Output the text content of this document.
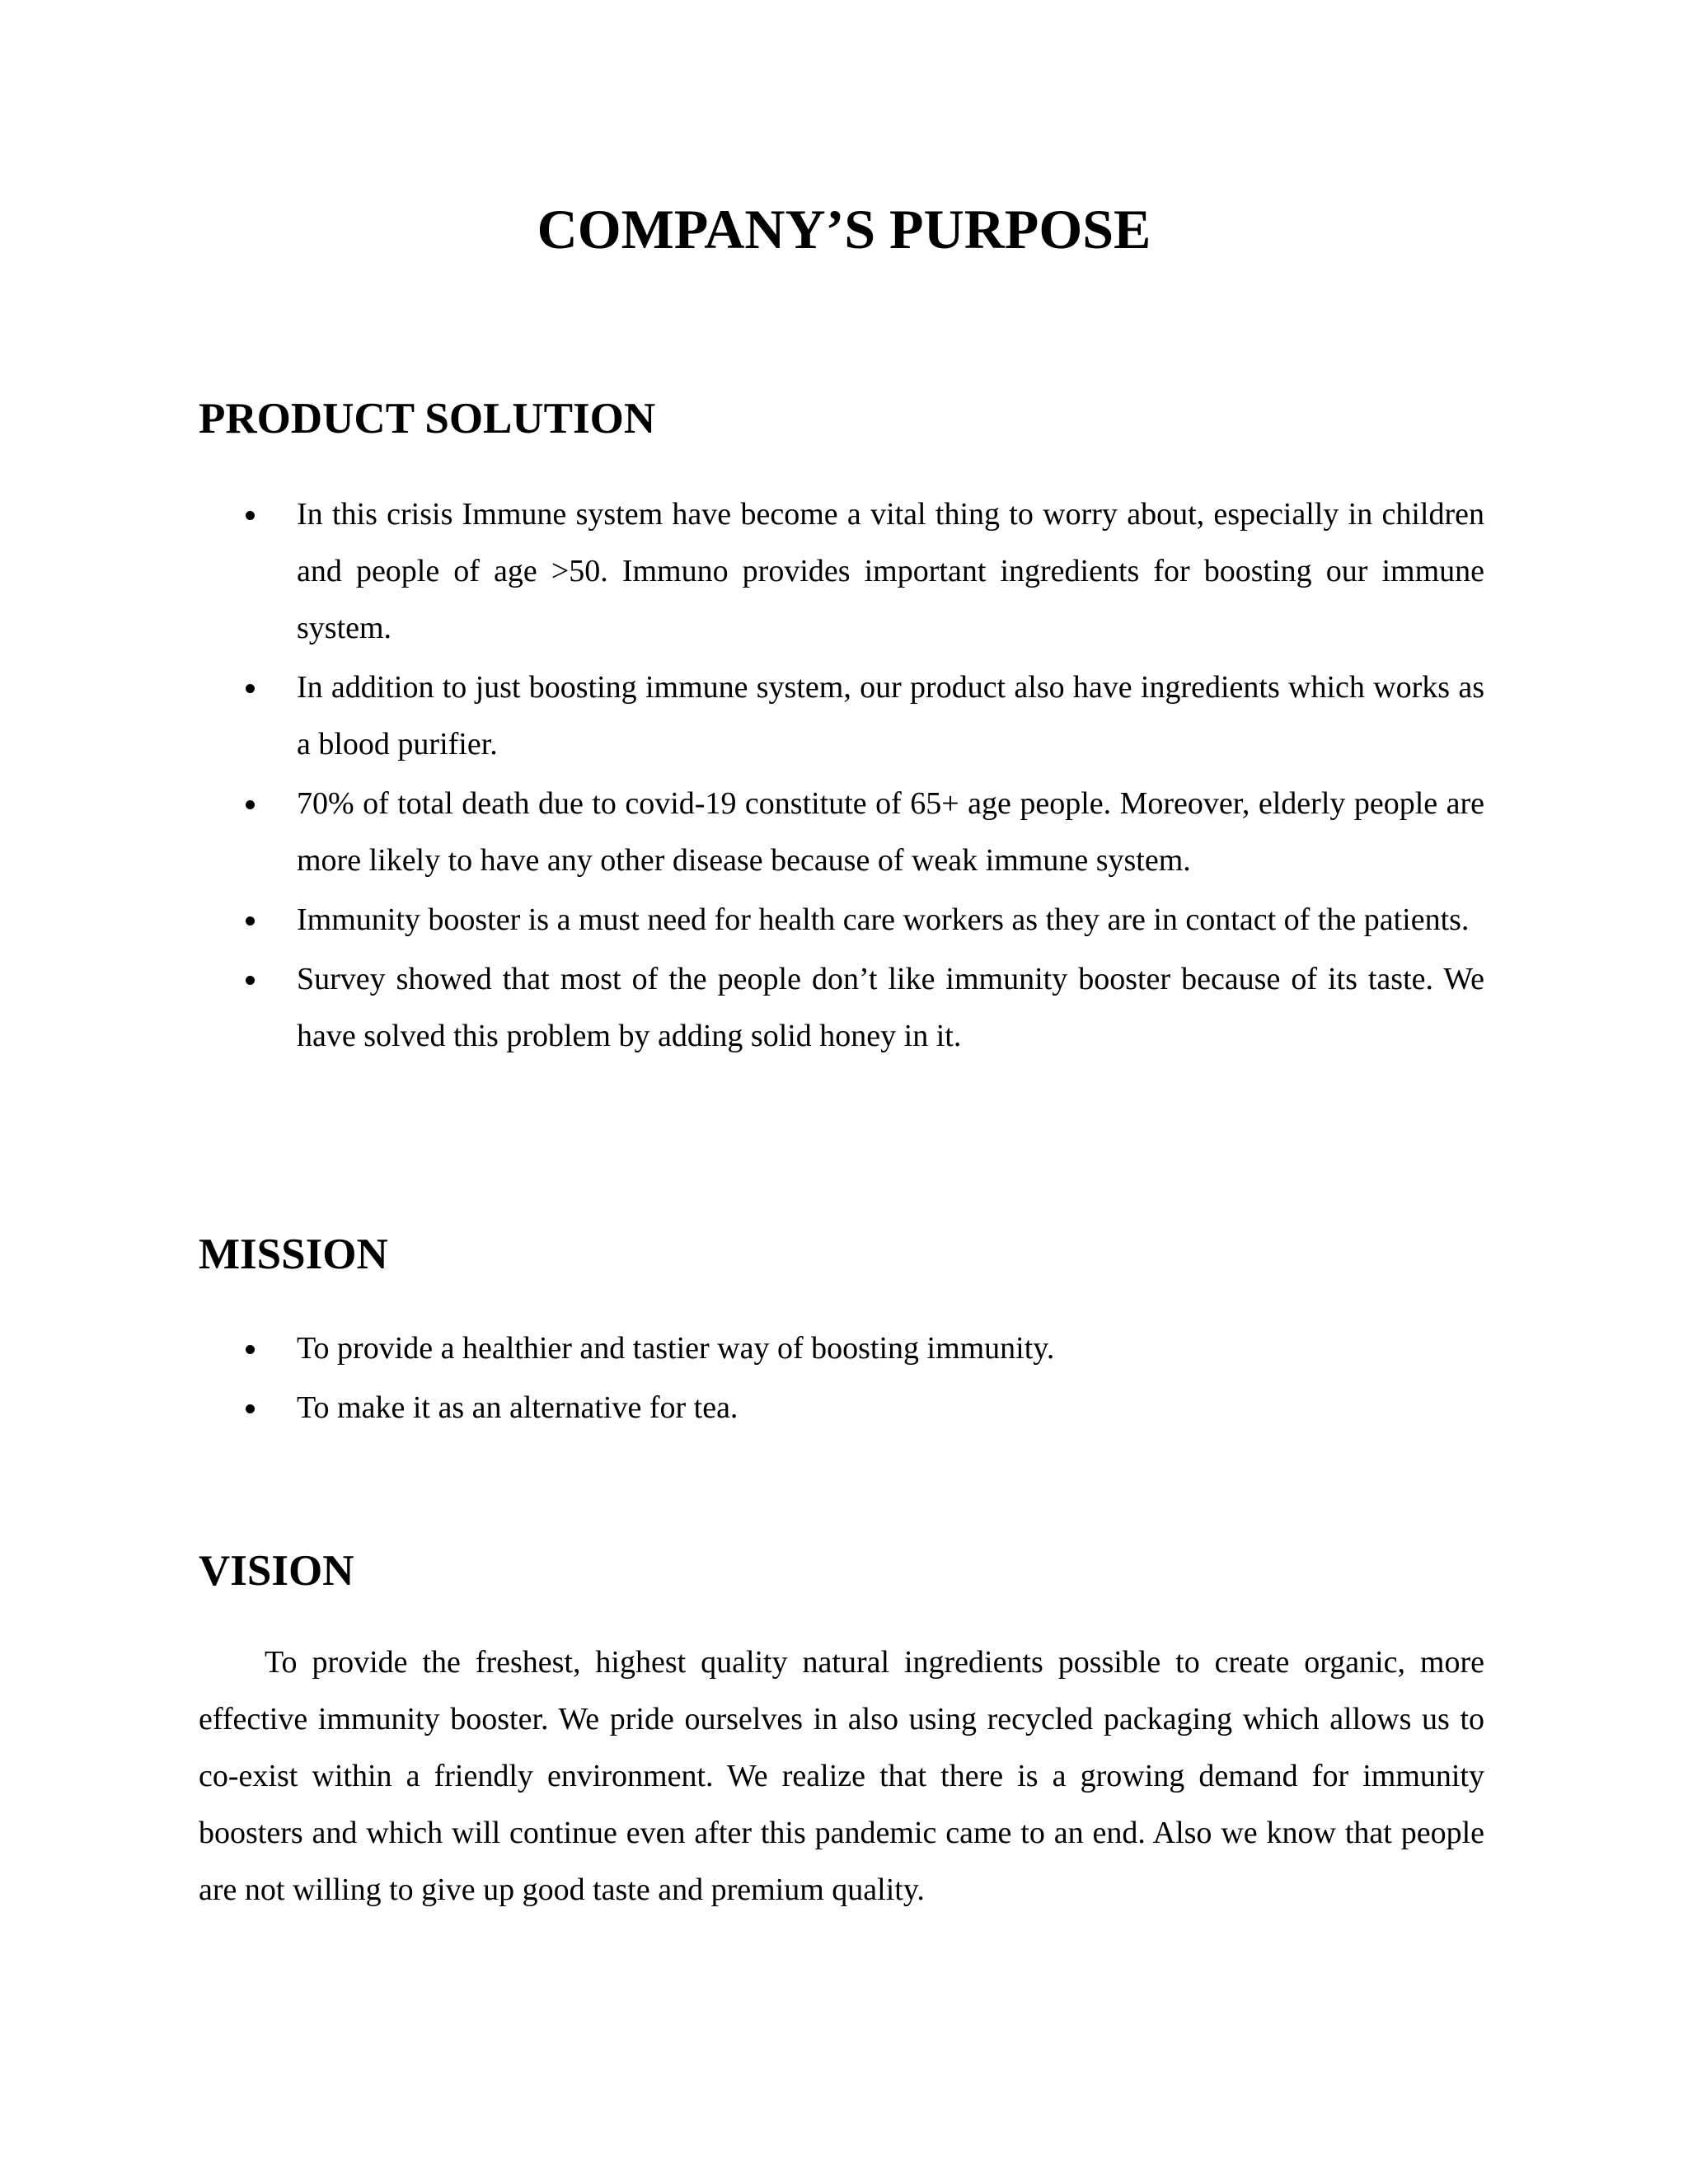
COMPANY’S PURPOSE
PRODUCT SOLUTION
In this crisis Immune system have become a vital thing to worry about, especially in children and people of age >50. Immuno provides important ingredients for boosting our immune system.
In addition to just boosting immune system, our product also have ingredients which works as a blood purifier.
70% of total death due to covid-19 constitute of 65+ age people. Moreover, elderly people are more likely to have any other disease because of weak immune system.
Immunity booster is a must need for health care workers as they are in contact of the patients.
Survey showed that most of the people don’t like immunity booster because of its taste. We have solved this problem by adding solid honey in it.
MISSION
To provide a healthier and tastier way of boosting immunity.
To make it as an alternative for tea.
VISION

To provide the freshest, highest quality natural ingredients possible to create organic, more effective immunity booster. We pride ourselves in also using recycled packaging which allows us to co-exist within a friendly environment. We realize that there is a growing demand for immunity boosters and which will continue even after this pandemic came to an end. Also we know that people are not willing to give up good taste and premium quality.
